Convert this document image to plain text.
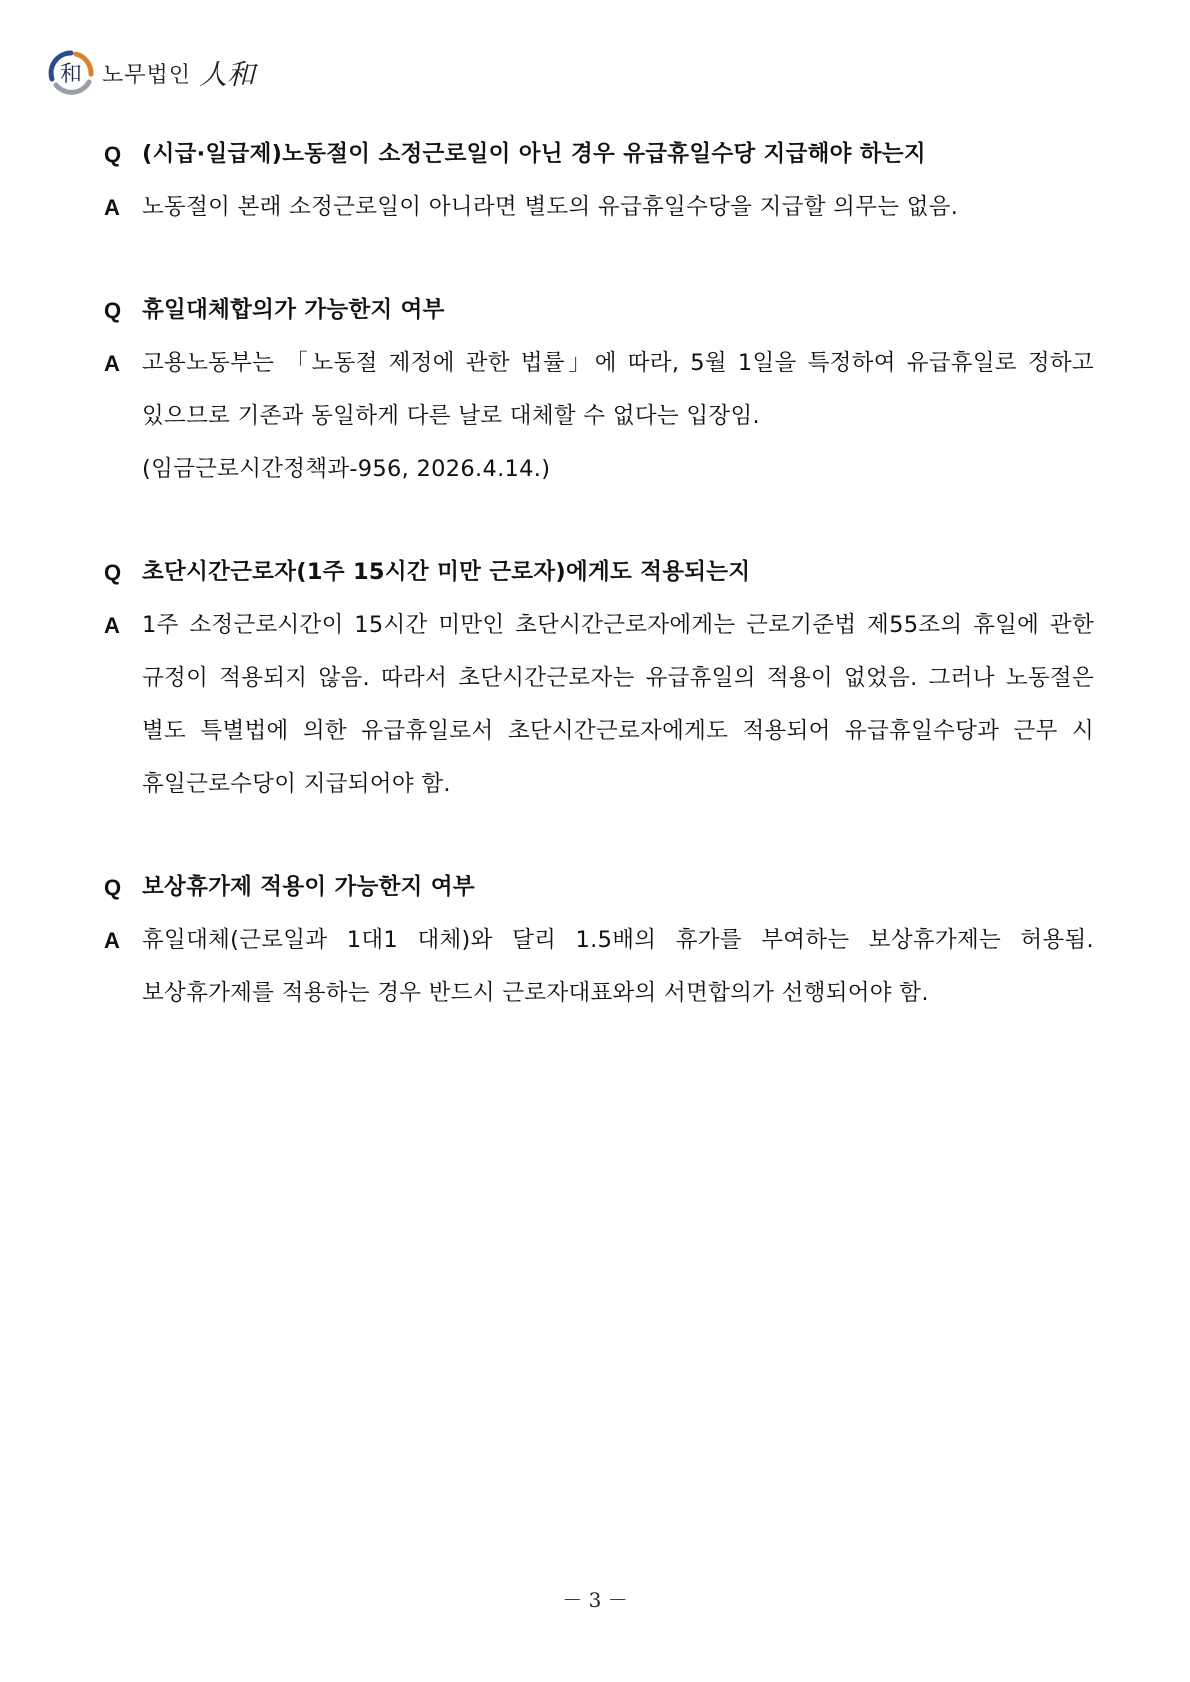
和 노무법인 人和
Q (시급·일급제)노동절이 소정근로일이 아닌 경우 유급휴일수당 지급해야 하는지
A 노동절이 본래 소정근로일이 아니라면 별도의 유급휴일수당을 지급할 의무는 없음.

Q 휴일대체합의가 가능한지 여부
A 고용노동부는 「노동절 제정에 관한 법률」에 따라, 5월 1일을 특정하여 유급휴일로 정하고 있으므로 기존과 동일하게 다른 날로 대체할 수 없다는 입장임.

(임금근로시간정책과-956, 2026.4.14.)

Q 초단시간근로자(1주 15시간 미만 근로자)에게도 적용되는지
A 1주 소정근로시간이 15시간 미만인 초단시간근로자에게는 근로기준법 제55조의 휴일에 관한 규정이 적용되지 않음. 따라서 초단시간근로자는 유급휴일의 적용이 없었음. 그러나 노동절은 별도 특별법에 의한 유급휴일로서 초단시간근로자에게도 적용되어 유급휴일수당과 근무 시 휴일근로수당이 지급되어야 함.

Q 보상휴가제 적용이 가능한지 여부
A 휴일대체(근로일과 1대1 대체)와 달리 1.5배의 휴가를 부여하는 보상휴가제는 허용됨. 보상휴가제를 적용하는 경우 반드시 근로자대표와의 서면합의가 선행되어야 함.

－ 3 －
